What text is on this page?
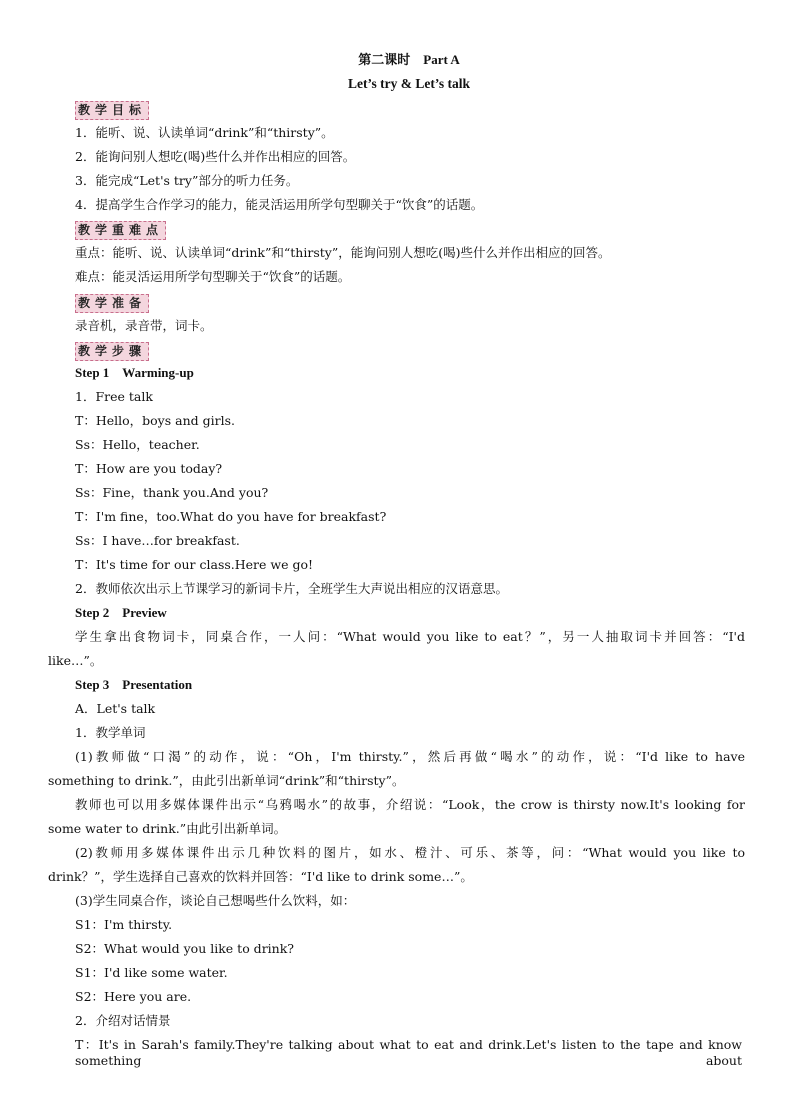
第二课时　Part A
Let’s try & Let’s talk
教学目标
1．能听、说、认读单词“drink”和“thirsty”。
2．能询问别人想吃(喝)些什么并作出相应的回答。
3．能完成“Let's try”部分的听力任务。
4．提高学生合作学习的能力，能灵活运用所学句型聊关于“饮食”的话题。
教学重难点
重点：能听、说、认读单词“drink”和“thirsty”，能询问别人想吃(喝)些什么并作出相应的回答。
难点：能灵活运用所学句型聊关于“饮食”的话题。
教学准备
录音机，录音带，词卡。
教学步骤
Step 1　Warming-up
1．Free talk
T：Hello，boys and girls.
Ss：Hello，teacher.
T：How are you today?
Ss：Fine，thank you.And you?
T：I'm fine，too.What do you have for breakfast?
Ss：I have…for breakfast.
T：It's time for our class.Here we go!
2．教师依次出示上节课学习的新词卡片，全班学生大声说出相应的汉语意思。
Step 2　Preview
学生拿出食物词卡，同桌合作，一人问：“What would you like to eat？”，另一人抽取词卡并回答：“I'd
like…”。
Step 3　Presentation
A．Let's talk
1．教学单词
(1)教师做“口渴”的动作，说：“Oh，I'm thirsty.”，然后再做“喝水”的动作，说：“I'd like to have
something to drink.”，由此引出新单词“drink”和“thirsty”。
教师也可以用多媒体课件出示“乌鸦喝水”的故事，介绍说：“Look，the crow is thirsty now.It's looking for
some water to drink.”由此引出新单词。
(2)教师用多媒体课件出示几种饮料的图片，如水、橙汁、可乐、茶等，问：“What would you like to
drink？”，学生选择自己喜欢的饮料并回答：“I'd like to drink some…”。
(3)学生同桌合作，谈论自己想喝些什么饮料，如：
S1：I'm thirsty.
S2：What would you like to drink?
S1：I'd like some water.
S2：Here you are.
2．介绍对话情景
T：It's in Sarah's family.They're talking about what to eat and drink.Let's listen to the tape and know something about
